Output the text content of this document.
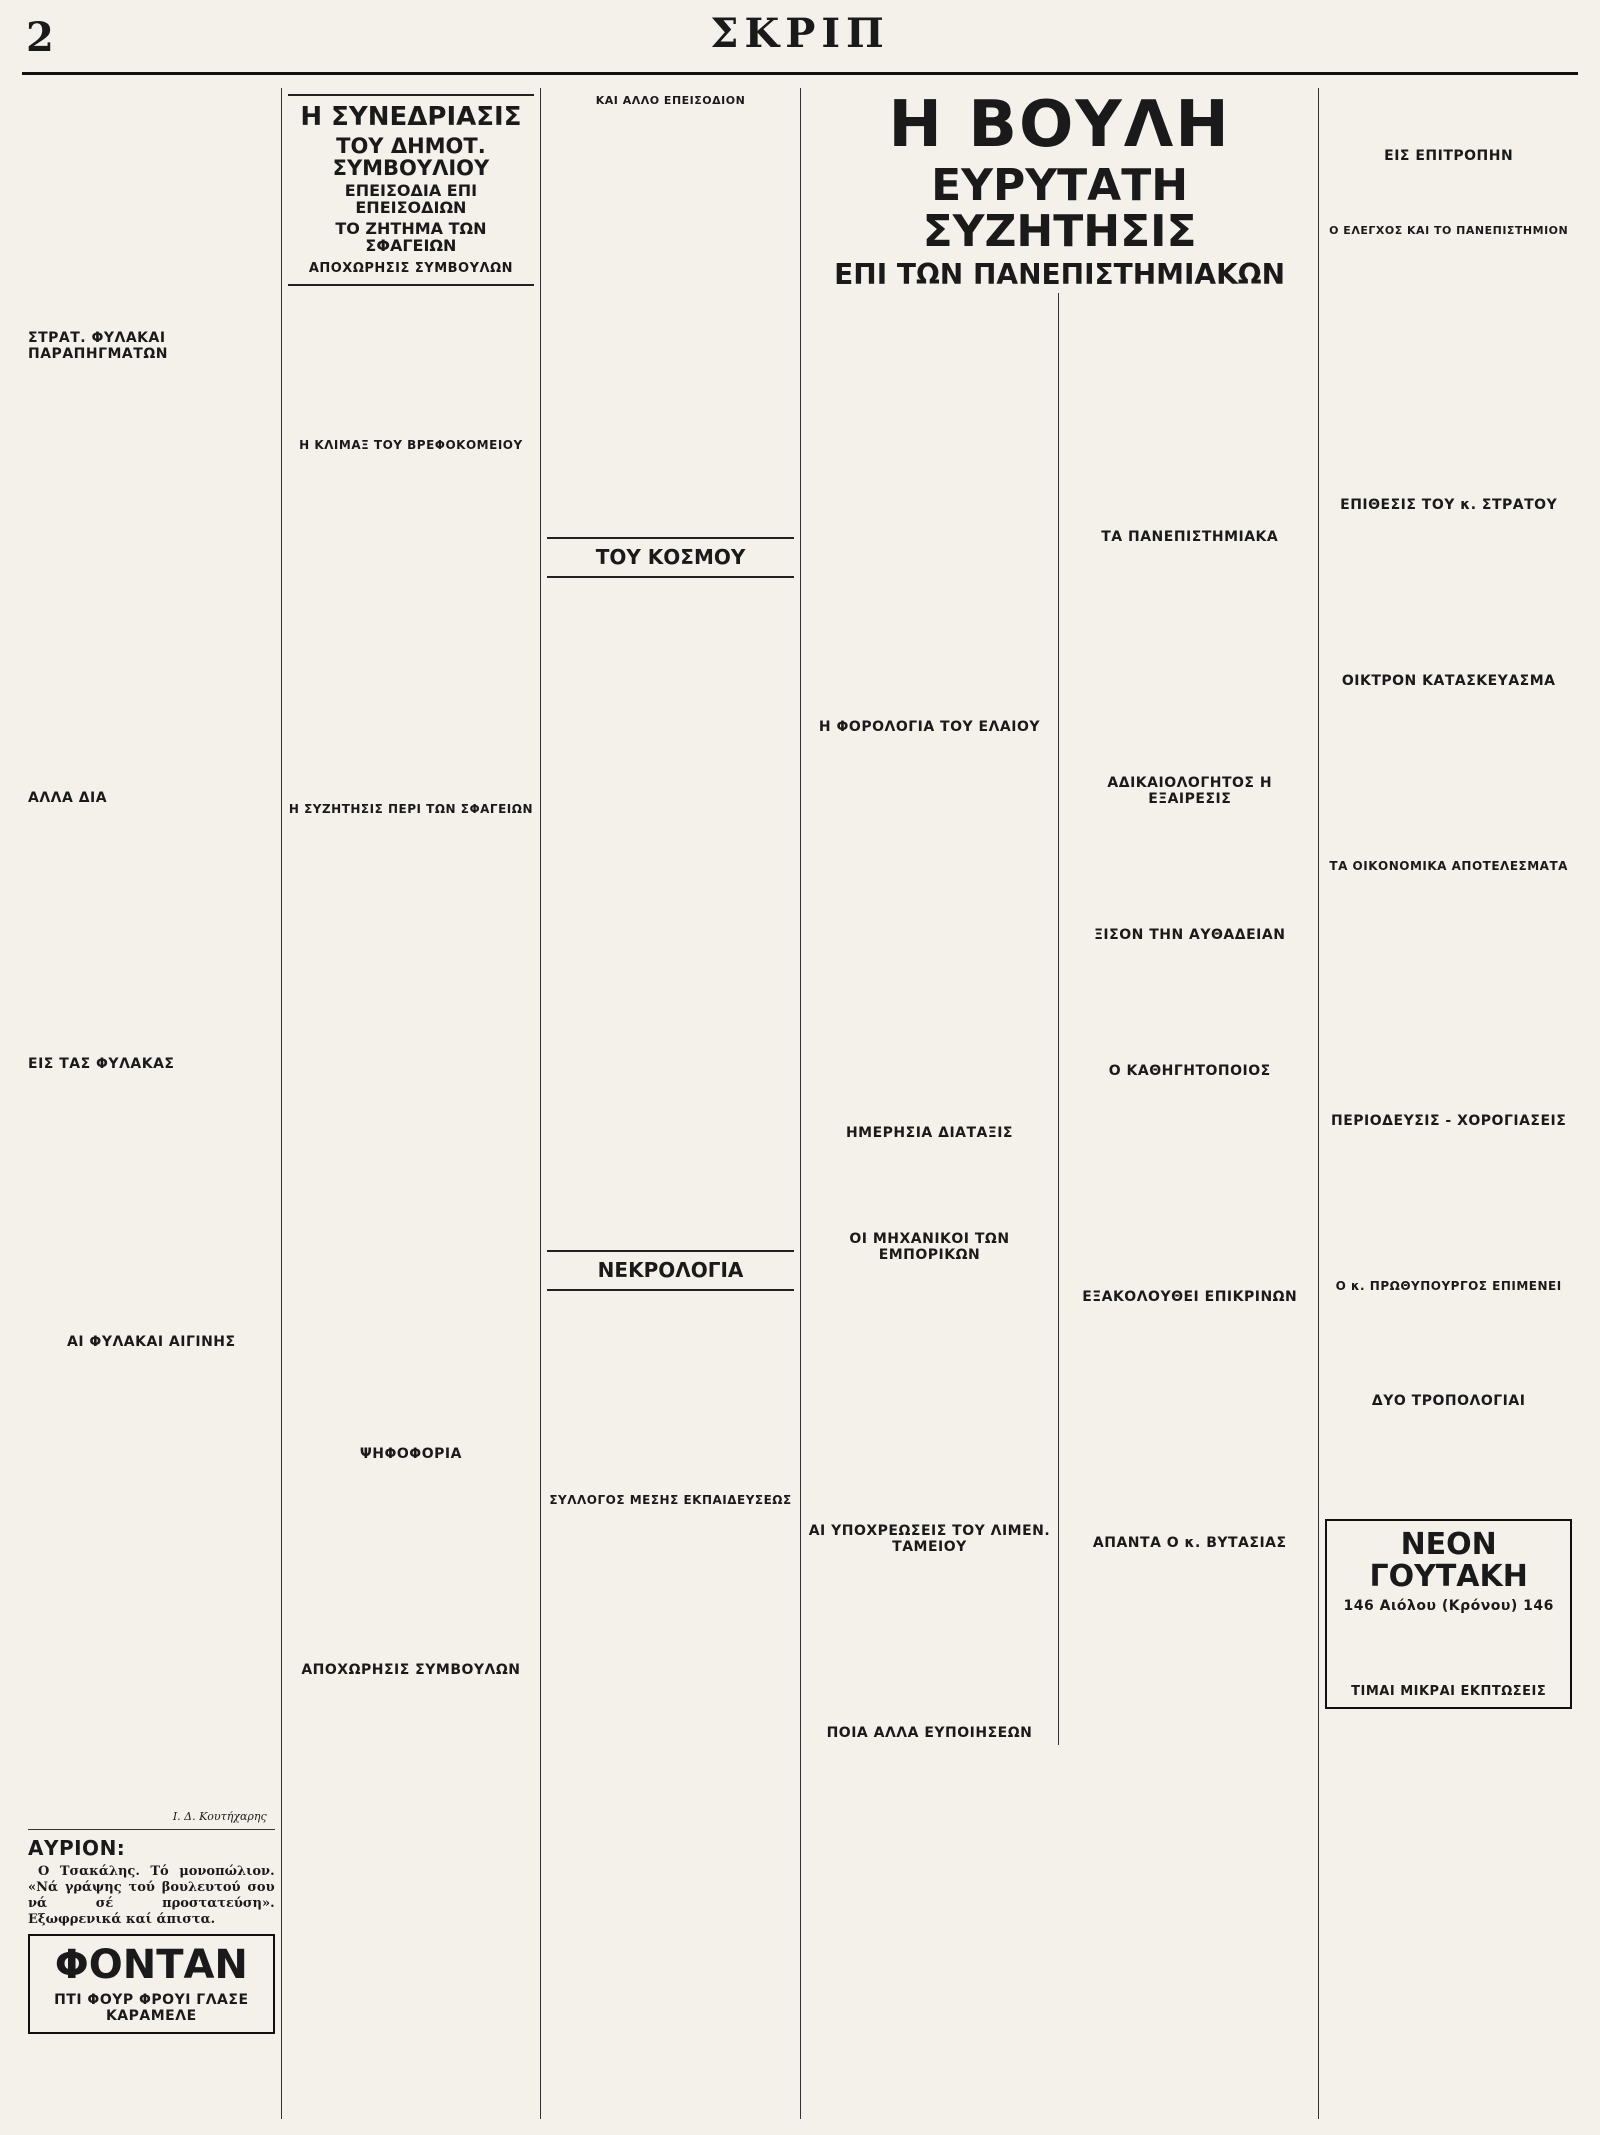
2	ΣΚΡΙΠ
ΣΤΡΑΤ. ΦΥΛΑΚΑΙ ΠΑΡΑΠΗΓΜΑΤΩΝ
ΑΛΛΑ ΔΙΑ
ΕΙΣ ΤΑΣ ΦΥΛΑΚΑΣ
ΑΙ ΦΥΛΑΚΑΙ ΑΙΓΙΝΗΣ
Ι. Δ. Κουτήχαρης
ΑΥΡΙΟΝ:
Ο Τσακάλης. Τό μονοπώλιον. «Νά γράψης τού βουλευτού σου νά σέ προστατεύση». Εξωφρενικά καί άπιστα.
ΦΟΝΤΑΝ
ΠΤΙ ΦΟΥΡ ΦΡΟΥΙ ΓΛΑΣΕ ΚΑΡΑΜΕΛΕ
Η ΣΥΝΕΔΡΙΑΣΙΣ
ΤΟΥ ΔΗΜΟΤ. ΣΥΜΒΟΥΛΙΟΥ
ΕΠΕΙΣΟΔΙΑ ΕΠΙ ΕΠΕΙΣΟΔΙΩΝ
ΤΟ ΖΗΤΗΜΑ ΤΩΝ ΣΦΑΓΕΙΩΝ
ΑΠΟΧΩΡΗΣΙΣ ΣΥΜΒΟΥΛΩΝ
Η ΚΛΙΜΑΞ ΤΟΥ ΒΡΕΦΟΚΟΜΕΙΟΥ
Η ΣΥΖΗΤΗΣΙΣ ΠΕΡΙ ΤΩΝ ΣΦΑΓΕΙΩΝ
ΨΗΦΟΦΟΡΙΑ
ΑΠΟΧΩΡΗΣΙΣ ΣΥΜΒΟΥΛΩΝ
ΚΑΙ ΑΛΛΟ ΕΠΕΙΣΟΔΙΟΝ
ΤΟΥ ΚΟΣΜΟΥ
ΝΕΚΡΟΛΟΓΙΑ
ΣΥΛΛΟΓΟΣ ΜΕΣΗΣ ΕΚΠΑΙΔΕΥΣΕΩΣ
Η ΒΟΥΛΗ
ΕΥΡΥΤΑΤΗ ΣΥΖΗΤΗΣΙΣ
ΕΠΙ ΤΩΝ ΠΑΝΕΠΙΣΤΗΜΙΑΚΩΝ
Η ΦΟΡΟΛΟΓΙΑ ΤΟΥ ΕΛΑΙΟΥ
ΗΜΕΡΗΣΙΑ ΔΙΑΤΑΞΙΣ
ΟΙ ΜΗΧΑΝΙΚΟΙ ΤΩΝ ΕΜΠΟΡΙΚΩΝ
ΑΙ ΥΠΟΧΡΕΩΣΕΙΣ ΤΟΥ ΛΙΜΕΝ. ΤΑΜΕΙΟΥ
ΠΟΙΑ ΑΛΛΑ ΕΥΠΟΙΗΣΕΩΝ
ΤΑ ΠΑΝΕΠΙΣΤΗΜΙΑΚΑ
ΑΔΙΚΑΙΟΛΟΓΗΤΟΣ Η ΕΞΑΙΡΕΣΙΣ
ΞΙΣΟΝ ΤΗΝ ΑΥΘΑΔΕΙΑΝ
Ο ΚΑΘΗΓΗΤΟΠΟΙΟΣ
ΕΞΑΚΟΛΟΥΘΕΙ ΕΠΙΚΡΙΝΩΝ
ΑΠΑΝΤΑ Ο κ. ΒΥΤΑΣΙΑΣ
ΕΙΣ ΕΠΙΤΡΟΠΗΝ
Ο ΕΛΕΓΧΟΣ ΚΑΙ ΤΟ ΠΑΝΕΠΙΣΤΗΜΙΟΝ
ΕΠΙΘΕΣΙΣ ΤΟΥ κ. ΣΤΡΑΤΟΥ
ΟΙΚΤΡΟΝ ΚΑΤΑΣΚΕΥΑΣΜΑ
ΤΑ ΟΙΚΟΝΟΜΙΚΑ ΑΠΟΤΕΛΕΣΜΑΤΑ
ΠΕΡΙΟΔΕΥΣΙΣ - ΧΟΡΟΓΙΑΣΕΙΣ
Ο κ. ΠΡΩΘΥΠΟΥΡΓΟΣ ΕΠΙΜΕΝΕΙ
ΔΥΟ ΤΡΟΠΟΛΟΓΙΑΙ
ΝΕΟΝ ΓΟΥΤΑΚΗ
146 Αιόλου (Κρόνου) 146
ΤΙΜΑΙ ΜΙΚΡΑΙ ΕΚΠΤΩΣΕΙΣ
